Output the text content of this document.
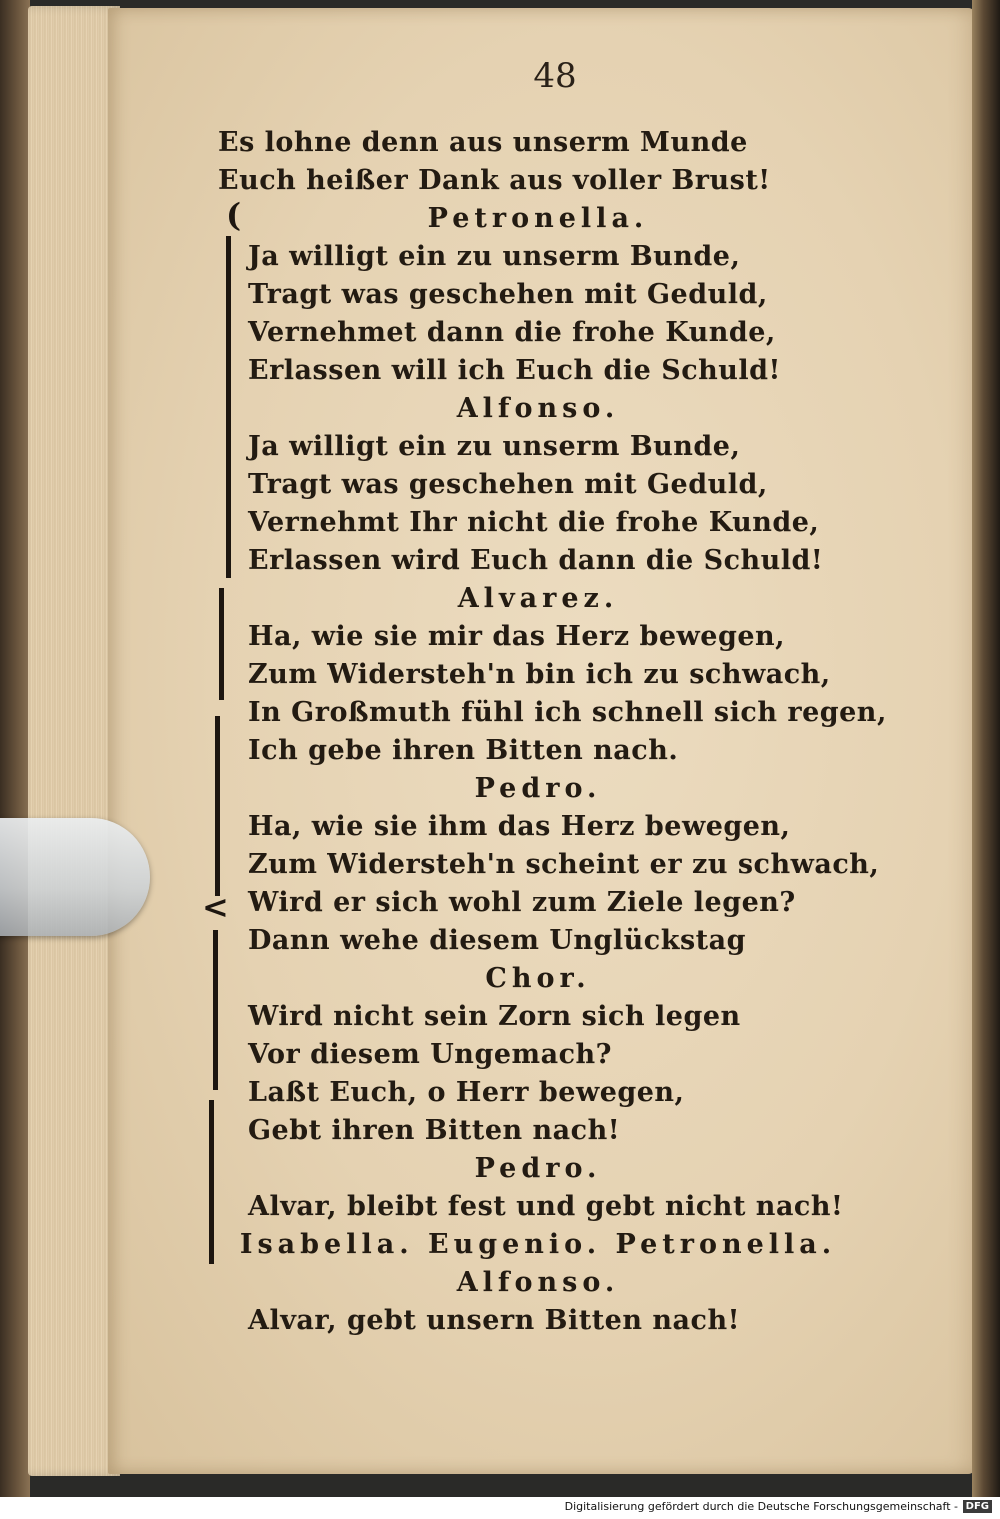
48
Es lohne denn aus unserm Munde
Euch heißer Dank aus voller Brust!
Petronella.
Ja willigt ein zu unserm Bunde,
Tragt was geschehen mit Geduld,
Vernehmet dann die frohe Kunde,
Erlassen will ich Euch die Schuld!
Alfonso.
Ja willigt ein zu unserm Bunde,
Tragt was geschehen mit Geduld,
Vernehmt Ihr nicht die frohe Kunde,
Erlassen wird Euch dann die Schuld!
Alvarez.
Ha, wie sie mir das Herz bewegen,
Zum Widersteh'n bin ich zu schwach,
In Großmuth fühl ich schnell sich regen,
Ich gebe ihren Bitten nach.
Pedro.
Ha, wie sie ihm das Herz bewegen,
Zum Widersteh'n scheint er zu schwach,
Wird er sich wohl zum Ziele legen?
Dann wehe diesem Unglückstag
Chor.
Wird nicht sein Zorn sich legen
Vor diesem Ungemach?
Laßt Euch, o Herr bewegen,
Gebt ihren Bitten nach!
Pedro.
Alvar, bleibt fest und gebt nicht nach!
Isabella. Eugenio. Petronella.
Alfonso.
Alvar, gebt unsern Bitten nach!
(
<
Digitalisierung gefördert durch die Deutsche Forschungsgemeinschaft - DFG
